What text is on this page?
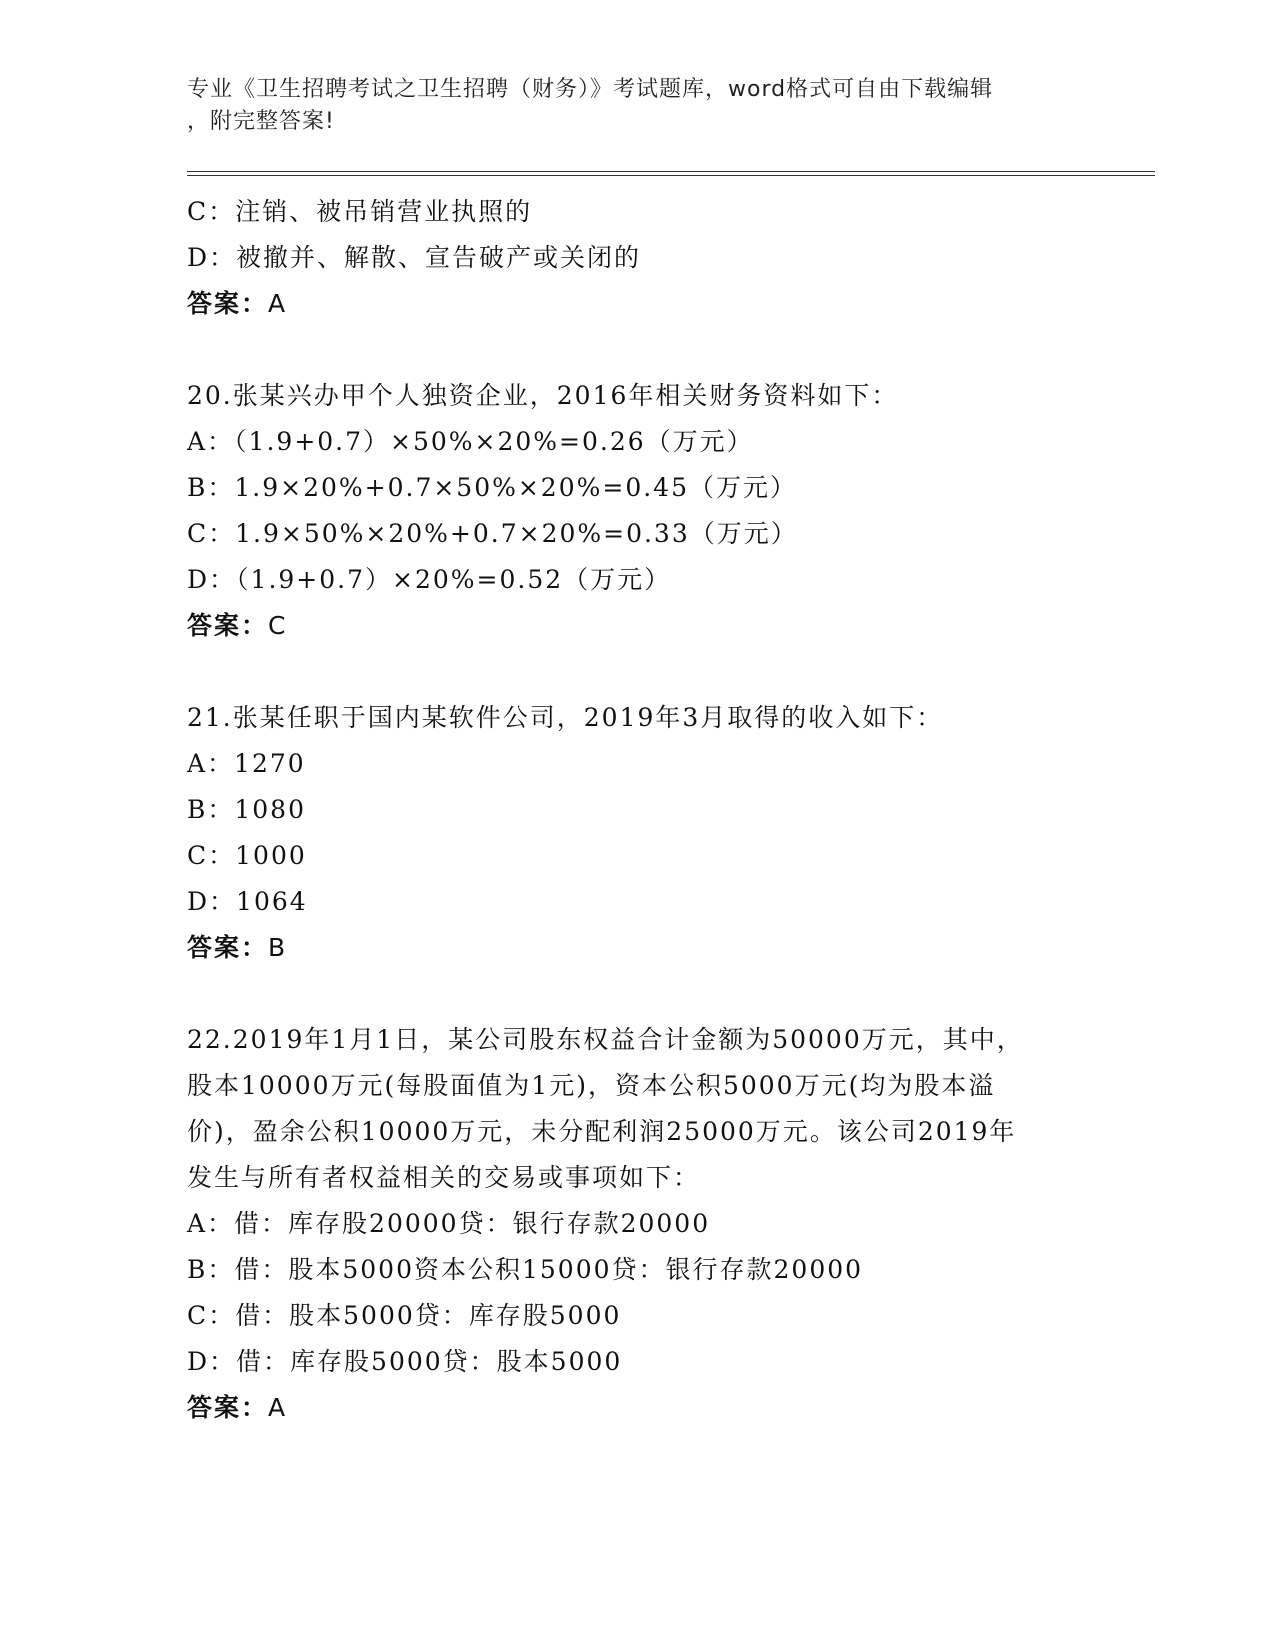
专业《卫生招聘考试之卫生招聘（财务）》考试题库，word格式可自由下载编辑
，附完整答案!
C：注销、被吊销营业执照的
D：被撤并、解散、宣告破产或关闭的
答案：A
20.张某兴办甲个人独资企业，2016年相关财务资料如下：
A：（1.9+0.7）×50%×20%=0.26（万元）
B：1.9×20%+0.7×50%×20%=0.45（万元）
C：1.9×50%×20%+0.7×20%=0.33（万元）
D：（1.9+0.7）×20%=0.52（万元）
答案：C
21.张某任职于国内某软件公司，2019年3月取得的收入如下：
A：1270
B：1080
C：1000
D：1064
答案：B
22.2019年1月1日，某公司股东权益合计金额为50000万元，其中，
股本10000万元(每股面值为1元)，资本公积5000万元(均为股本溢
价)，盈余公积10000万元，未分配利润25000万元。该公司2019年
发生与所有者权益相关的交易或事项如下：
A：借：库存股20000贷：银行存款20000
B：借：股本5000资本公积15000贷：银行存款20000
C：借：股本5000贷：库存股5000
D：借：库存股5000贷：股本5000
答案：A
